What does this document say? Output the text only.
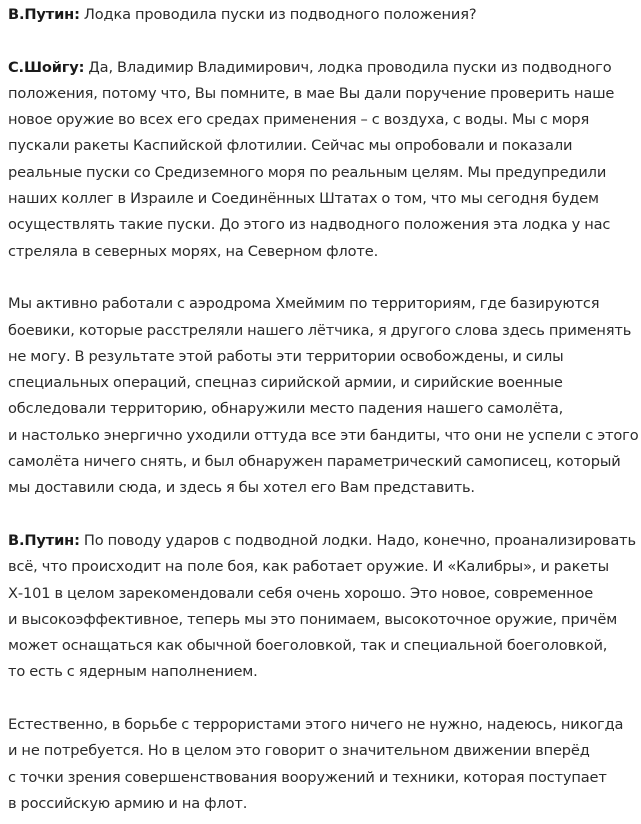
В.Путин: Лодка проводила пуски из подводного положения?

С.Шойгу: Да, Владимир Владимирович, лодка проводила пуски из подводного
положения, потому что, Вы помните, в мае Вы дали поручение проверить наше
новое оружие во всех его средах применения – с воздуха, с воды. Мы с моря
пускали ракеты Каспийской флотилии. Сейчас мы опробовали и показали
реальные пуски со Средиземного моря по реальным целям. Мы предупредили
наших коллег в Израиле и Соединённых Штатах о том, что мы сегодня будем
осуществлять такие пуски. До этого из надводного положения эта лодка у нас
стреляла в северных морях, на Северном флоте.

Мы активно работали с аэродрома Хмеймим по территориям, где базируются
боевики, которые расстреляли нашего лётчика, я другого слова здесь применять
не могу. В результате этой работы эти территории освобождены, и силы
специальных операций, спецназ сирийской армии, и сирийские военные
обследовали территорию, обнаружили место падения нашего самолёта,
и настолько энергично уходили оттуда все эти бандиты, что они не успели с этого
самолёта ничего снять, и был обнаружен параметрический самописец, который
мы доставили сюда, и здесь я бы хотел его Вам представить.

В.Путин: По поводу ударов с подводной лодки. Надо, конечно, проанализировать
всё, что происходит на поле боя, как работает оружие. И «Калибры», и ракеты
Х-101 в целом зарекомендовали себя очень хорошо. Это новое, современное
и высокоэффективное, теперь мы это понимаем, высокоточное оружие, причём
может оснащаться как обычной боеголовкой, так и специальной боеголовкой,
то есть с ядерным наполнением.

Естественно, в борьбе с террористами этого ничего не нужно, надеюсь, никогда
и не потребуется. Но в целом это говорит о значительном движении вперёд
с точки зрения совершенствования вооружений и техники, которая поступает
в российскую армию и на флот.
